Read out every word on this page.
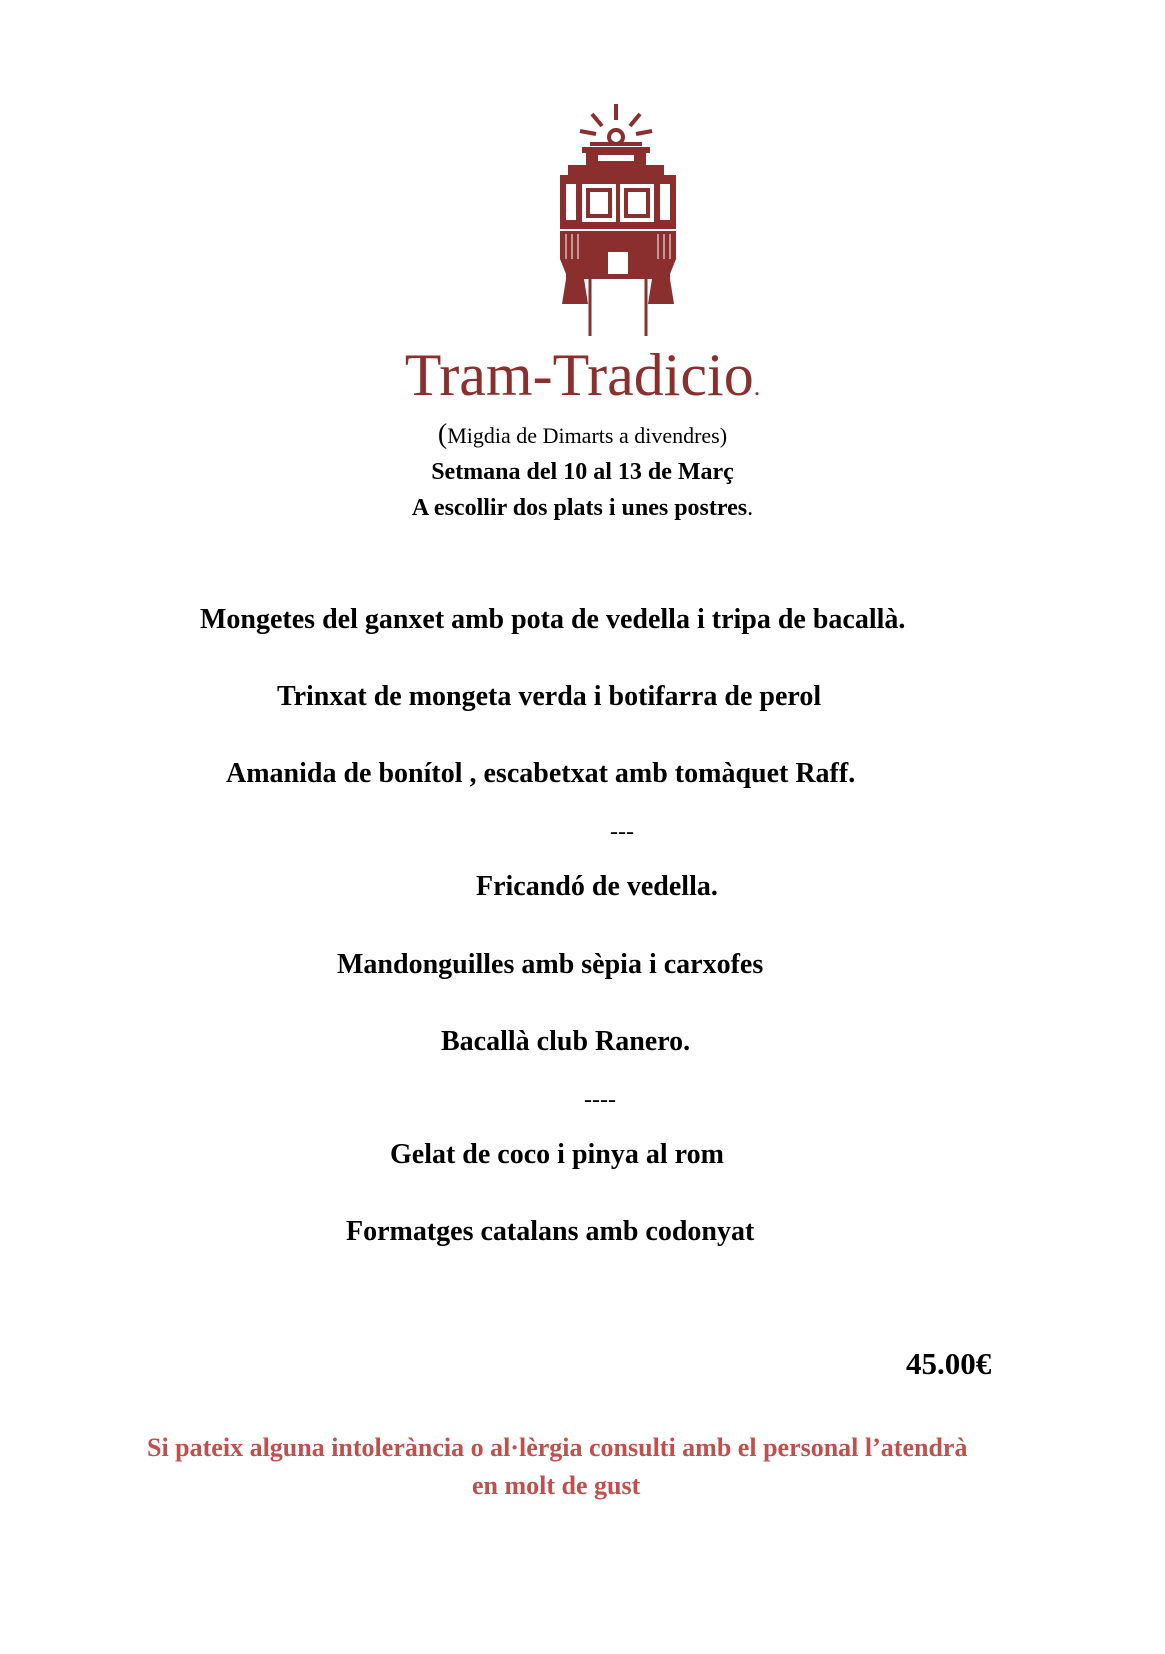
Tram-Tradicio.
(Migdia de Dimarts a divendres)
Setmana del 10 al 13 de Març
A escollir dos plats i unes postres.
Mongetes del ganxet amb pota de vedella i tripa de bacallà.
Trinxat de mongeta verda i botifarra de perol
Amanida de bonítol , escabetxat amb tomàquet Raff.
---
Fricandó de vedella.
Mandonguilles amb sèpia i carxofes
Bacallà club Ranero.
----
Gelat de coco i pinya al rom
Formatges catalans amb codonyat
45.00€
Si pateix alguna intolerància o al·lèrgia consulti amb el personal l’atendrà
en molt de gust
